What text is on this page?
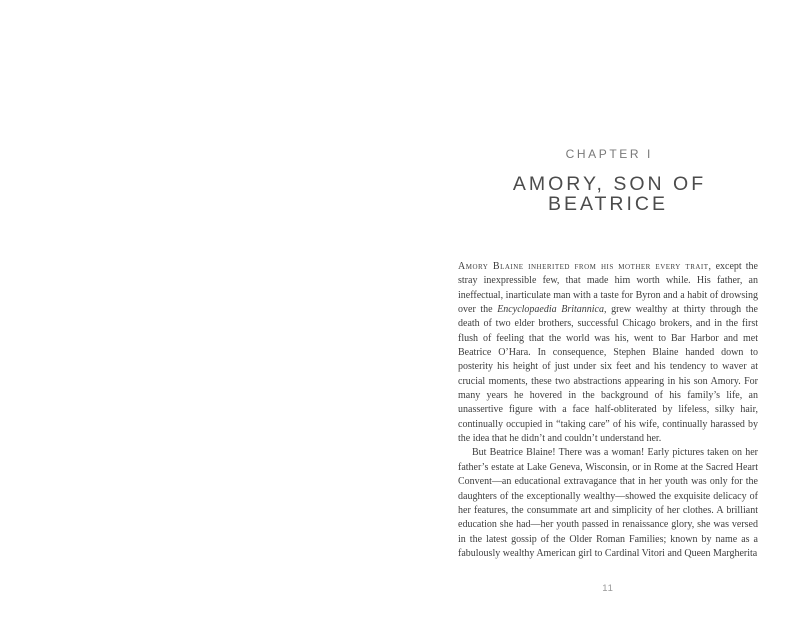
CHAPTER I
AMORY, SON OF BEATRICE

Amory Blaine inherited from his mother every trait, except the stray inexpressible few, that made him worth while. His father, an ineffectual, inarticulate man with a taste for Byron and a habit of drowsing over the Encyclopaedia Britannica, grew wealthy at thirty through the death of two elder brothers, successful Chicago brokers, and in the first flush of feeling that the world was his, went to Bar Harbor and met Beatrice O’Hara. In consequence, Stephen Blaine handed down to posterity his height of just under six feet and his tendency to waver at crucial moments, these two abstractions appearing in his son Amory. For many years he hovered in the background of his family’s life, an unassertive figure with a face half-obliterated by lifeless, silky hair, continually occupied in “taking care” of his wife, continually harassed by the idea that he didn’t and couldn’t understand her.

But Beatrice Blaine! There was a woman! Early pictures taken on her father’s estate at Lake Geneva, Wisconsin, or in Rome at the Sacred Heart Convent—an educational extravagance that in her youth was only for the daughters of the exceptionally wealthy—showed the exquisite delicacy of her features, the consummate art and simplicity of her clothes. A brilliant education she had—her youth passed in renaissance glory, she was versed in the latest gossip of the Older Roman Families; known by name as a fabulously wealthy American girl to Cardinal Vitori and Queen Margherita

11
